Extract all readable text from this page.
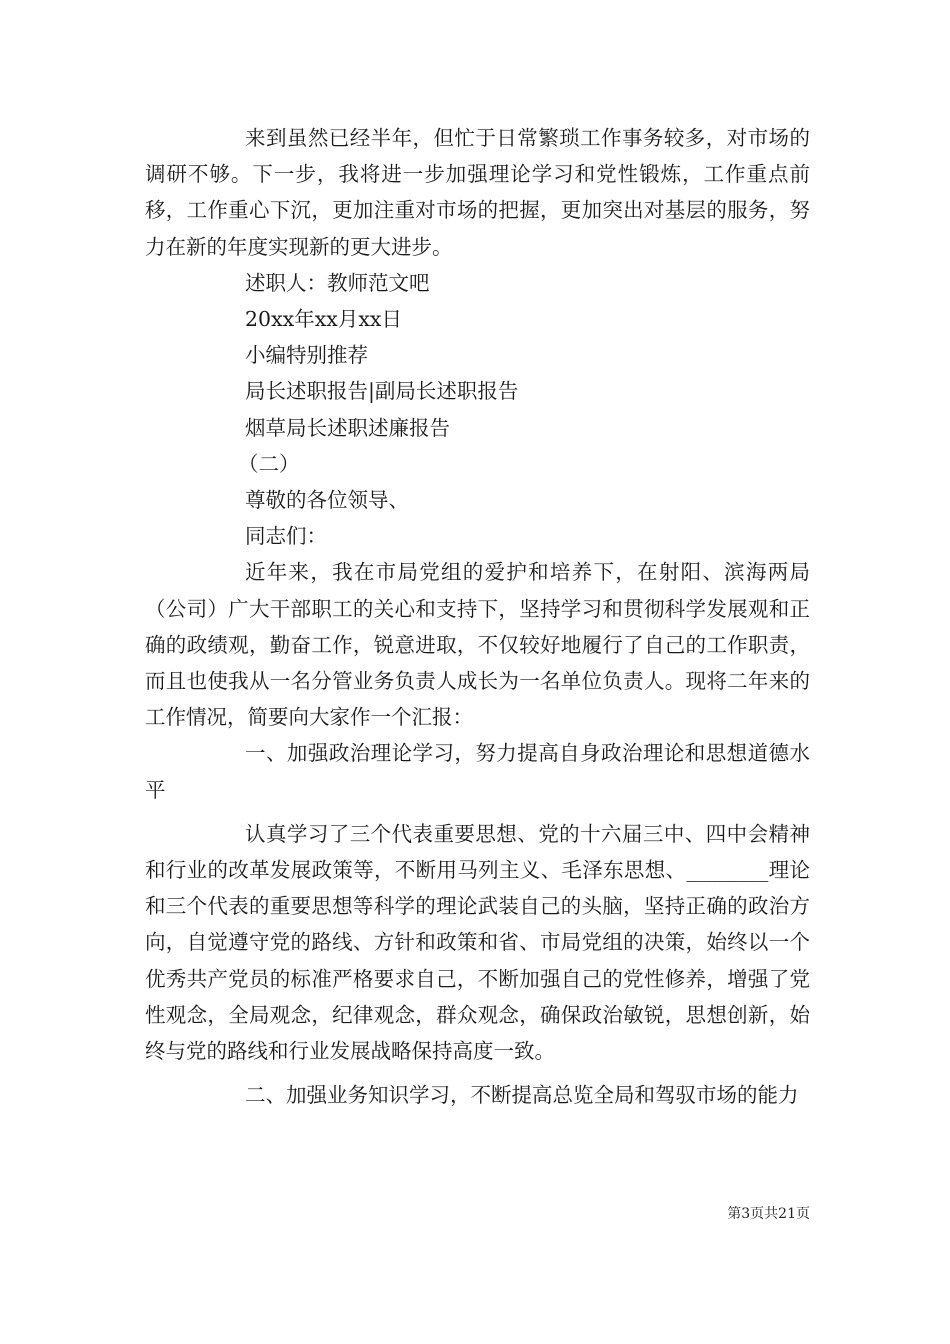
来到虽然已经半年，但忙于日常繁琐工作事务较多，对市场的调研不够。下一步，我将进一步加强理论学习和党性锻炼，工作重点前移，工作重心下沉，更加注重对市场的把握，更加突出对基层的服务，努力在新的年度实现新的更大进步。

述职人：教师范文吧

20xx年xx月xx日

小编特别推荐

局长述职报告|副局长述职报告

烟草局长述职述廉报告

（二）

尊敬的各位领导、

同志们：

近年来，我在市局党组的爱护和培养下，在射阳、滨海两局（公司）广大干部职工的关心和支持下，坚持学习和贯彻科学发展观和正确的政绩观，勤奋工作，锐意进取，不仅较好地履行了自己的工作职责，而且也使我从一名分管业务负责人成长为一名单位负责人。现将二年来的工作情况，简要向大家作一个汇报：

一、加强政治理论学习，努力提高自身政治理论和思想道德水平

认真学习了三个代表重要思想、党的十六届三中、四中会精神和行业的改革发展政策等，不断用马列主义、毛泽东思想、________理论和三个代表的重要思想等科学的理论武装自己的头脑，坚持正确的政治方向，自觉遵守党的路线、方针和政策和省、市局党组的决策，始终以一个优秀共产党员的标准严格要求自己，不断加强自己的党性修养，增强了党性观念，全局观念，纪律观念，群众观念，确保政治敏锐，思想创新，始终与党的路线和行业发展战略保持高度一致。

二、加强业务知识学习，不断提高总览全局和驾驭市场的能力

第3页共21页
